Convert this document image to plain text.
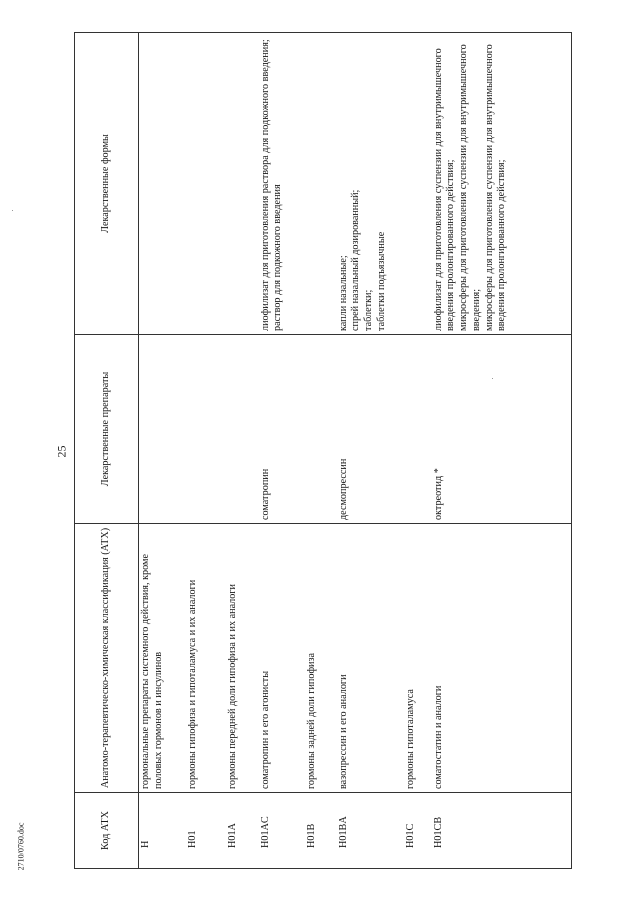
25
Код АТХ	Анатомо-терапевтическо-химическая классификация (АТХ)	Лекарственные препараты	Лекарственные формы
H	гормональные препараты системного действия, кроме половых гормонов и инсулинов		
H01	гормоны гипофиза и гипоталамуса и их аналоги		
H01A	гормоны передней доли гипофиза и их аналоги		
H01AC	соматропин и его агонисты	соматропин	лиофилизат для приготовления раствора для подкожного введения; раствор для подкожного введения

H01B	гормоны задней доли гипофиза		
H01BA	вазопрессин и его аналоги	десмопрессин	капли назальные; спрей назальный дозированный; таблетки; таблетки подъязычные

H01C	гормоны гипоталамуса		
H01CB	соматостатин и аналоги	октреотид *	лиофилизат для приготовления суспензии для внутримышечного введения пролонгированного действия; микросферы для приготовления суспензии для внутримышечного введения; микросферы для приготовления суспензии для внутримышечного введения пролонгированного действия;
2710/0760.doc
